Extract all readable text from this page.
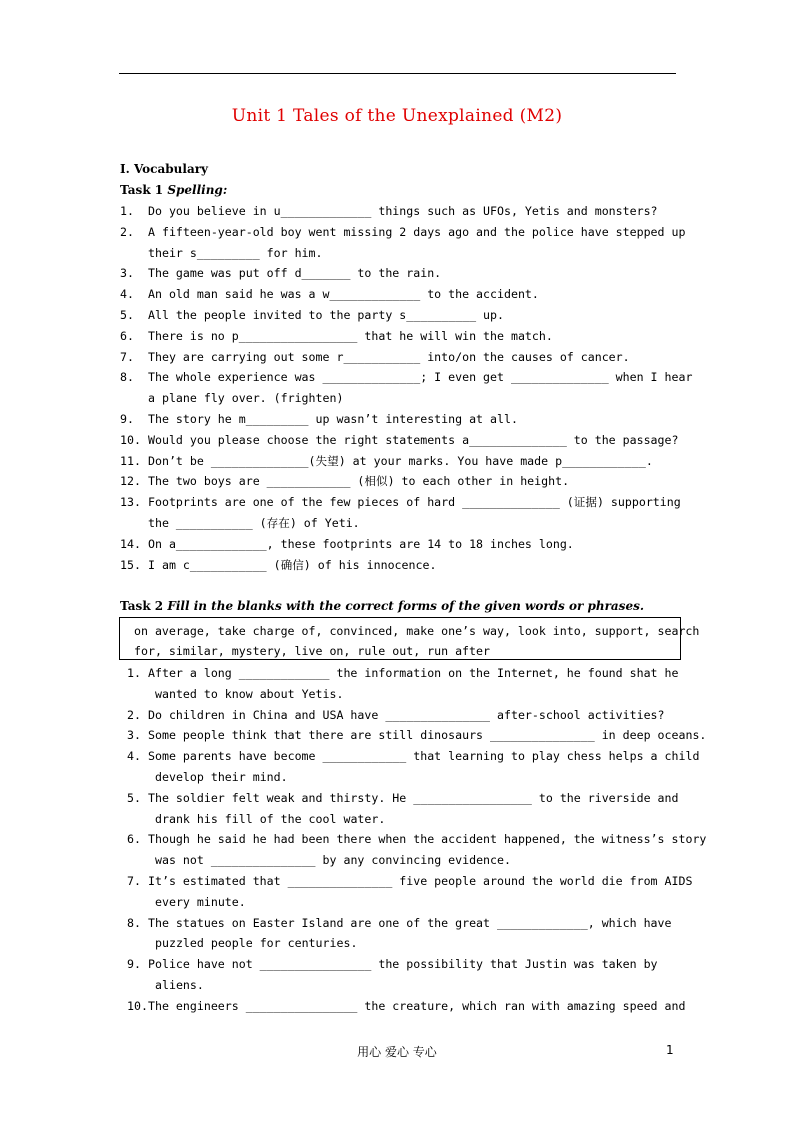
Unit 1 Tales of the Unexplained (M2)
I. Vocabulary
Task 1 Spelling:
1. Do you believe in u_____________ things such as UFOs, Yetis and monsters?
2. A fifteen-year-old boy went missing 2 days ago and the police have stepped up
their s_________ for him.
3. The game was put off d_______ to the rain.
4. An old man said he was a w_____________ to the accident.
5. All the people invited to the party s__________ up.
6. There is no p_________________ that he will win the match.
7. They are carrying out some r___________ into/on the causes of cancer.
8. The whole experience was ______________; I even get ______________ when I hear
a plane fly over. (frighten)
9. The story he m_________ up wasn’t interesting at all.
10. Would you please choose the right statements a______________ to the passage?
11. Don’t be ______________(失望) at your marks. You have made p____________.
12. The two boys are ____________ (相似) to each other in height.
13. Footprints are one of the few pieces of hard ______________ (证据) supporting
the ___________ (存在) of Yeti.
14. On a_____________, these footprints are 14 to 18 inches long.
15. I am c___________ (确信) of his innocence.
Task 2 Fill in the blanks with the correct forms of the given words or phrases.
on average, take charge of, convinced, make one’s way, look into, support, search
for, similar, mystery, live on, rule out, run after
1. After a long _____________ the information on the Internet, he found shat he
wanted to know about Yetis.
2. Do children in China and USA have _______________ after-school activities?
3. Some people think that there are still dinosaurs _______________ in deep oceans.
4. Some parents have become ____________ that learning to play chess helps a child
develop their mind.
5. The soldier felt weak and thirsty. He _________________ to the riverside and
drank his fill of the cool water.
6. Though he said he had been there when the accident happened, the witness’s story
was not _______________ by any convincing evidence.
7. It’s estimated that _______________ five people around the world die from AIDS
every minute.
8. The statues on Easter Island are one of the great _____________, which have
puzzled people for centuries.
9. Police have not ________________ the possibility that Justin was taken by
aliens.
10. The engineers ________________ the creature, which ran with amazing speed and
用心 爱心 专心	1
